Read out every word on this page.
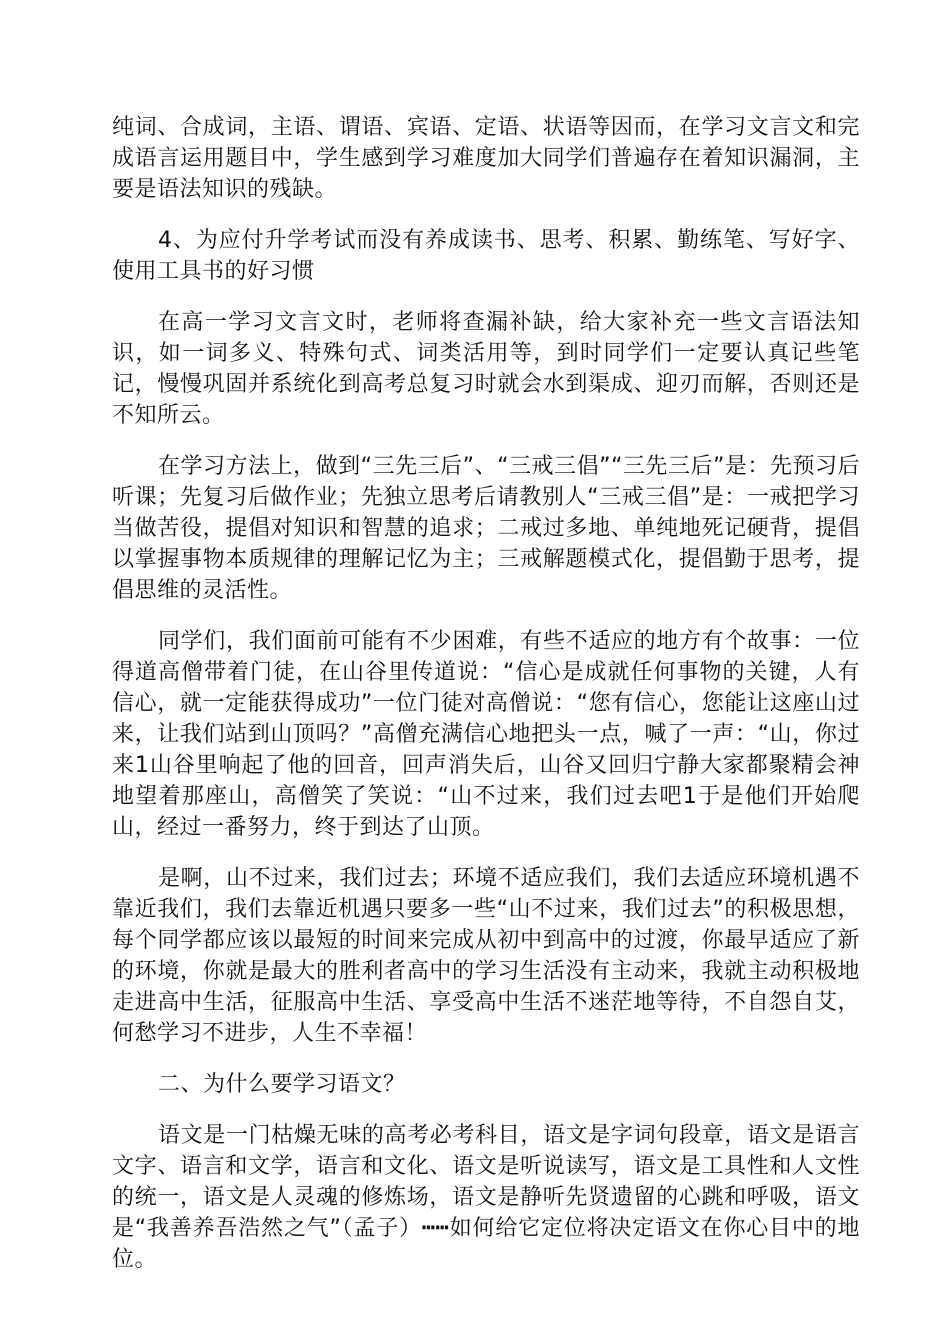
纯词、合成词，主语、谓语、宾语、定语、状语等因而，在学习文言文和完成语言运用题目中，学生感到学习难度加大同学们普遍存在着知识漏洞，主要是语法知识的残缺。

4、为应付升学考试而没有养成读书、思考、积累、勤练笔、写好字、使用工具书的好习惯

在高一学习文言文时，老师将查漏补缺，给大家补充一些文言语法知识，如一词多义、特殊句式、词类活用等，到时同学们一定要认真记些笔记，慢慢巩固并系统化到高考总复习时就会水到渠成、迎刃而解，否则还是不知所云。

在学习方法上，做到“三先三后”、“三戒三倡”“三先三后”是：先预习后听课；先复习后做作业；先独立思考后请教别人“三戒三倡”是：一戒把学习当做苦役，提倡对知识和智慧的追求；二戒过多地、单纯地死记硬背，提倡以掌握事物本质规律的理解记忆为主；三戒解题模式化，提倡勤于思考，提倡思维的灵活性。

同学们，我们面前可能有不少困难，有些不适应的地方有个故事：一位得道高僧带着门徒，在山谷里传道说：“信心是成就任何事物的关键，人有信心，就一定能获得成功”一位门徒对高僧说：“您有信心，您能让这座山过来，让我们站到山顶吗？”高僧充满信心地把头一点，喊了一声：“山，你过来1山谷里响起了他的回音，回声消失后，山谷又回归宁静大家都聚精会神地望着那座山，高僧笑了笑说：“山不过来，我们过去吧1于是他们开始爬山，经过一番努力，终于到达了山顶。

是啊，山不过来，我们过去；环境不适应我们，我们去适应环境机遇不靠近我们，我们去靠近机遇只要多一些“山不过来，我们过去”的积极思想，每个同学都应该以最短的时间来完成从初中到高中的过渡，你最早适应了新的环境，你就是最大的胜利者高中的学习生活没有主动来，我就主动积极地走进高中生活，征服高中生活、享受高中生活不迷茫地等待，不自怨自艾，何愁学习不进步，人生不幸福！

二、为什么要学习语文？

语文是一门枯燥无味的高考必考科目，语文是字词句段章，语文是语言文字、语言和文学，语言和文化、语文是听说读写，语文是工具性和人文性的统一，语文是人灵魂的修炼场，语文是静听先贤遗留的心跳和呼吸，语文是“我善养吾浩然之气”（孟子）┅┅如何给它定位将决定语文在你心目中的地位。
